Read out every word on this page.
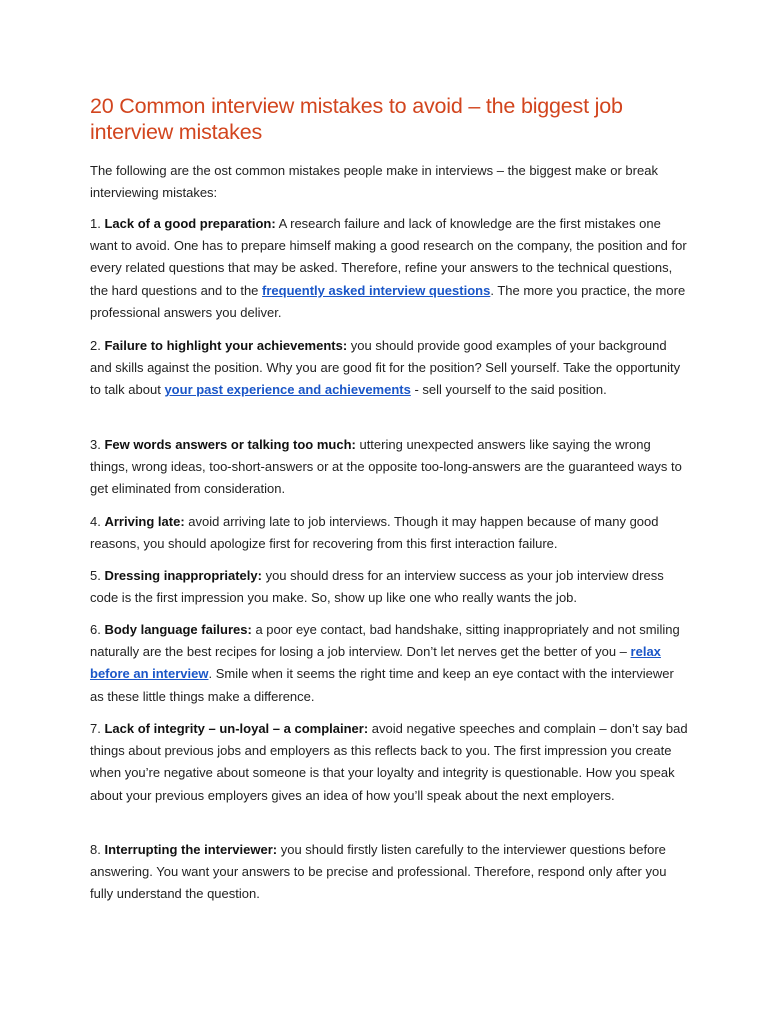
20 Common interview mistakes to avoid – the biggest job interview mistakes

The following are the ost common mistakes people make in interviews – the biggest make or break interviewing mistakes:

1. Lack of a good preparation: A research failure and lack of knowledge are the first mistakes one want to avoid. One has to prepare himself making a good research on the company, the position and for every related questions that may be asked. Therefore, refine your answers to the technical questions, the hard questions and to the frequently asked interview questions. The more you practice, the more professional answers you deliver.

2. Failure to highlight your achievements: you should provide good examples of your background and skills against the position. Why you are good fit for the position? Sell yourself. Take the opportunity to talk about your past experience and achievements - sell yourself to the said position.

3. Few words answers or talking too much: uttering unexpected answers like saying the wrong things, wrong ideas, too-short-answers or at the opposite too-long-answers are the guaranteed ways to get eliminated from consideration.

4. Arriving late: avoid arriving late to job interviews. Though it may happen because of many good reasons, you should apologize first for recovering from this first interaction failure.

5. Dressing inappropriately: you should dress for an interview success as your job interview dress code is the first impression you make. So, show up like one who really wants the job.

6. Body language failures: a poor eye contact, bad handshake, sitting inappropriately and not smiling naturally are the best recipes for losing a job interview. Don’t let nerves get the better of you – relax before an interview. Smile when it seems the right time and keep an eye contact with the interviewer as these little things make a difference.

7. Lack of integrity – un-loyal – a complainer: avoid negative speeches and complain – don’t say bad things about previous jobs and employers as this reflects back to you. The first impression you create when you’re negative about someone is that your loyalty and integrity is questionable. How you speak about your previous employers gives an idea of how you’ll speak about the next employers.

8. Interrupting the interviewer: you should firstly listen carefully to the interviewer questions before answering. You want your answers to be precise and professional. Therefore, respond only after you fully understand the question.
